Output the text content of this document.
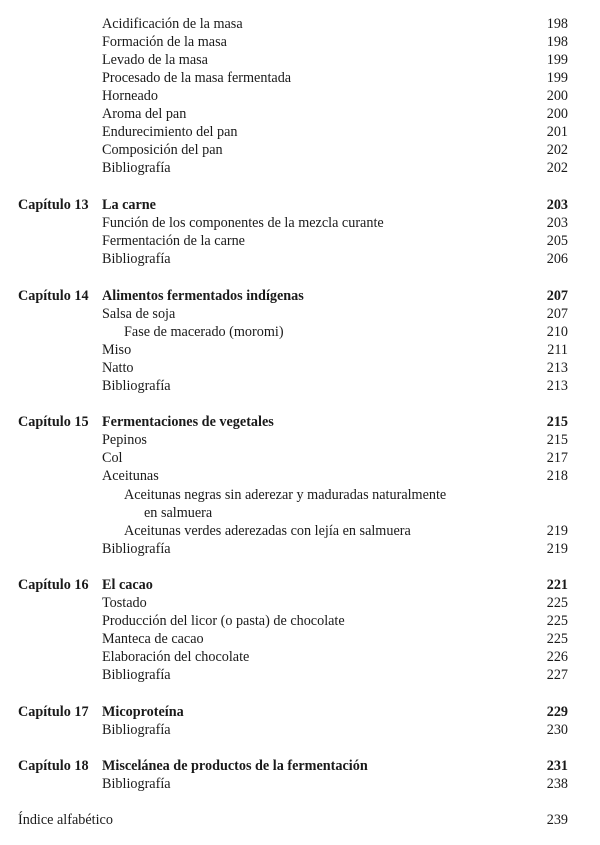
Acidificación de la masa	198
Formación de la masa	198
Levado de la masa	199
Procesado de la masa fermentada	199
Horneado	200
Aroma del pan	200
Endurecimiento del pan	201
Composición del pan	202
Bibliografía	202
Capítulo 13 La carne	203
Función de los componentes de la mezcla curante	203
Fermentación de la carne	205
Bibliografía	206
Capítulo 14 Alimentos fermentados indígenas	207
Salsa de soja	207
Fase de macerado (moromi)	210
Miso	211
Natto	213
Bibliografía	213
Capítulo 15 Fermentaciones de vegetales	215
Pepinos	215
Col	217
Aceitunas	218
Aceitunas negras sin aderezar y maduradas naturalmente
en salmuera
Aceitunas verdes aderezadas con lejía en salmuera	219
Bibliografía	219
Capítulo 16 El cacao	221
Tostado	225
Producción del licor (o pasta) de chocolate	225
Manteca de cacao	225
Elaboración del chocolate	226
Bibliografía	227
Capítulo 17 Micoproteína	229
Bibliografía	230
Capítulo 18 Miscelánea de productos de la fermentación	231
Bibliografía	238
Índice alfabético	239
